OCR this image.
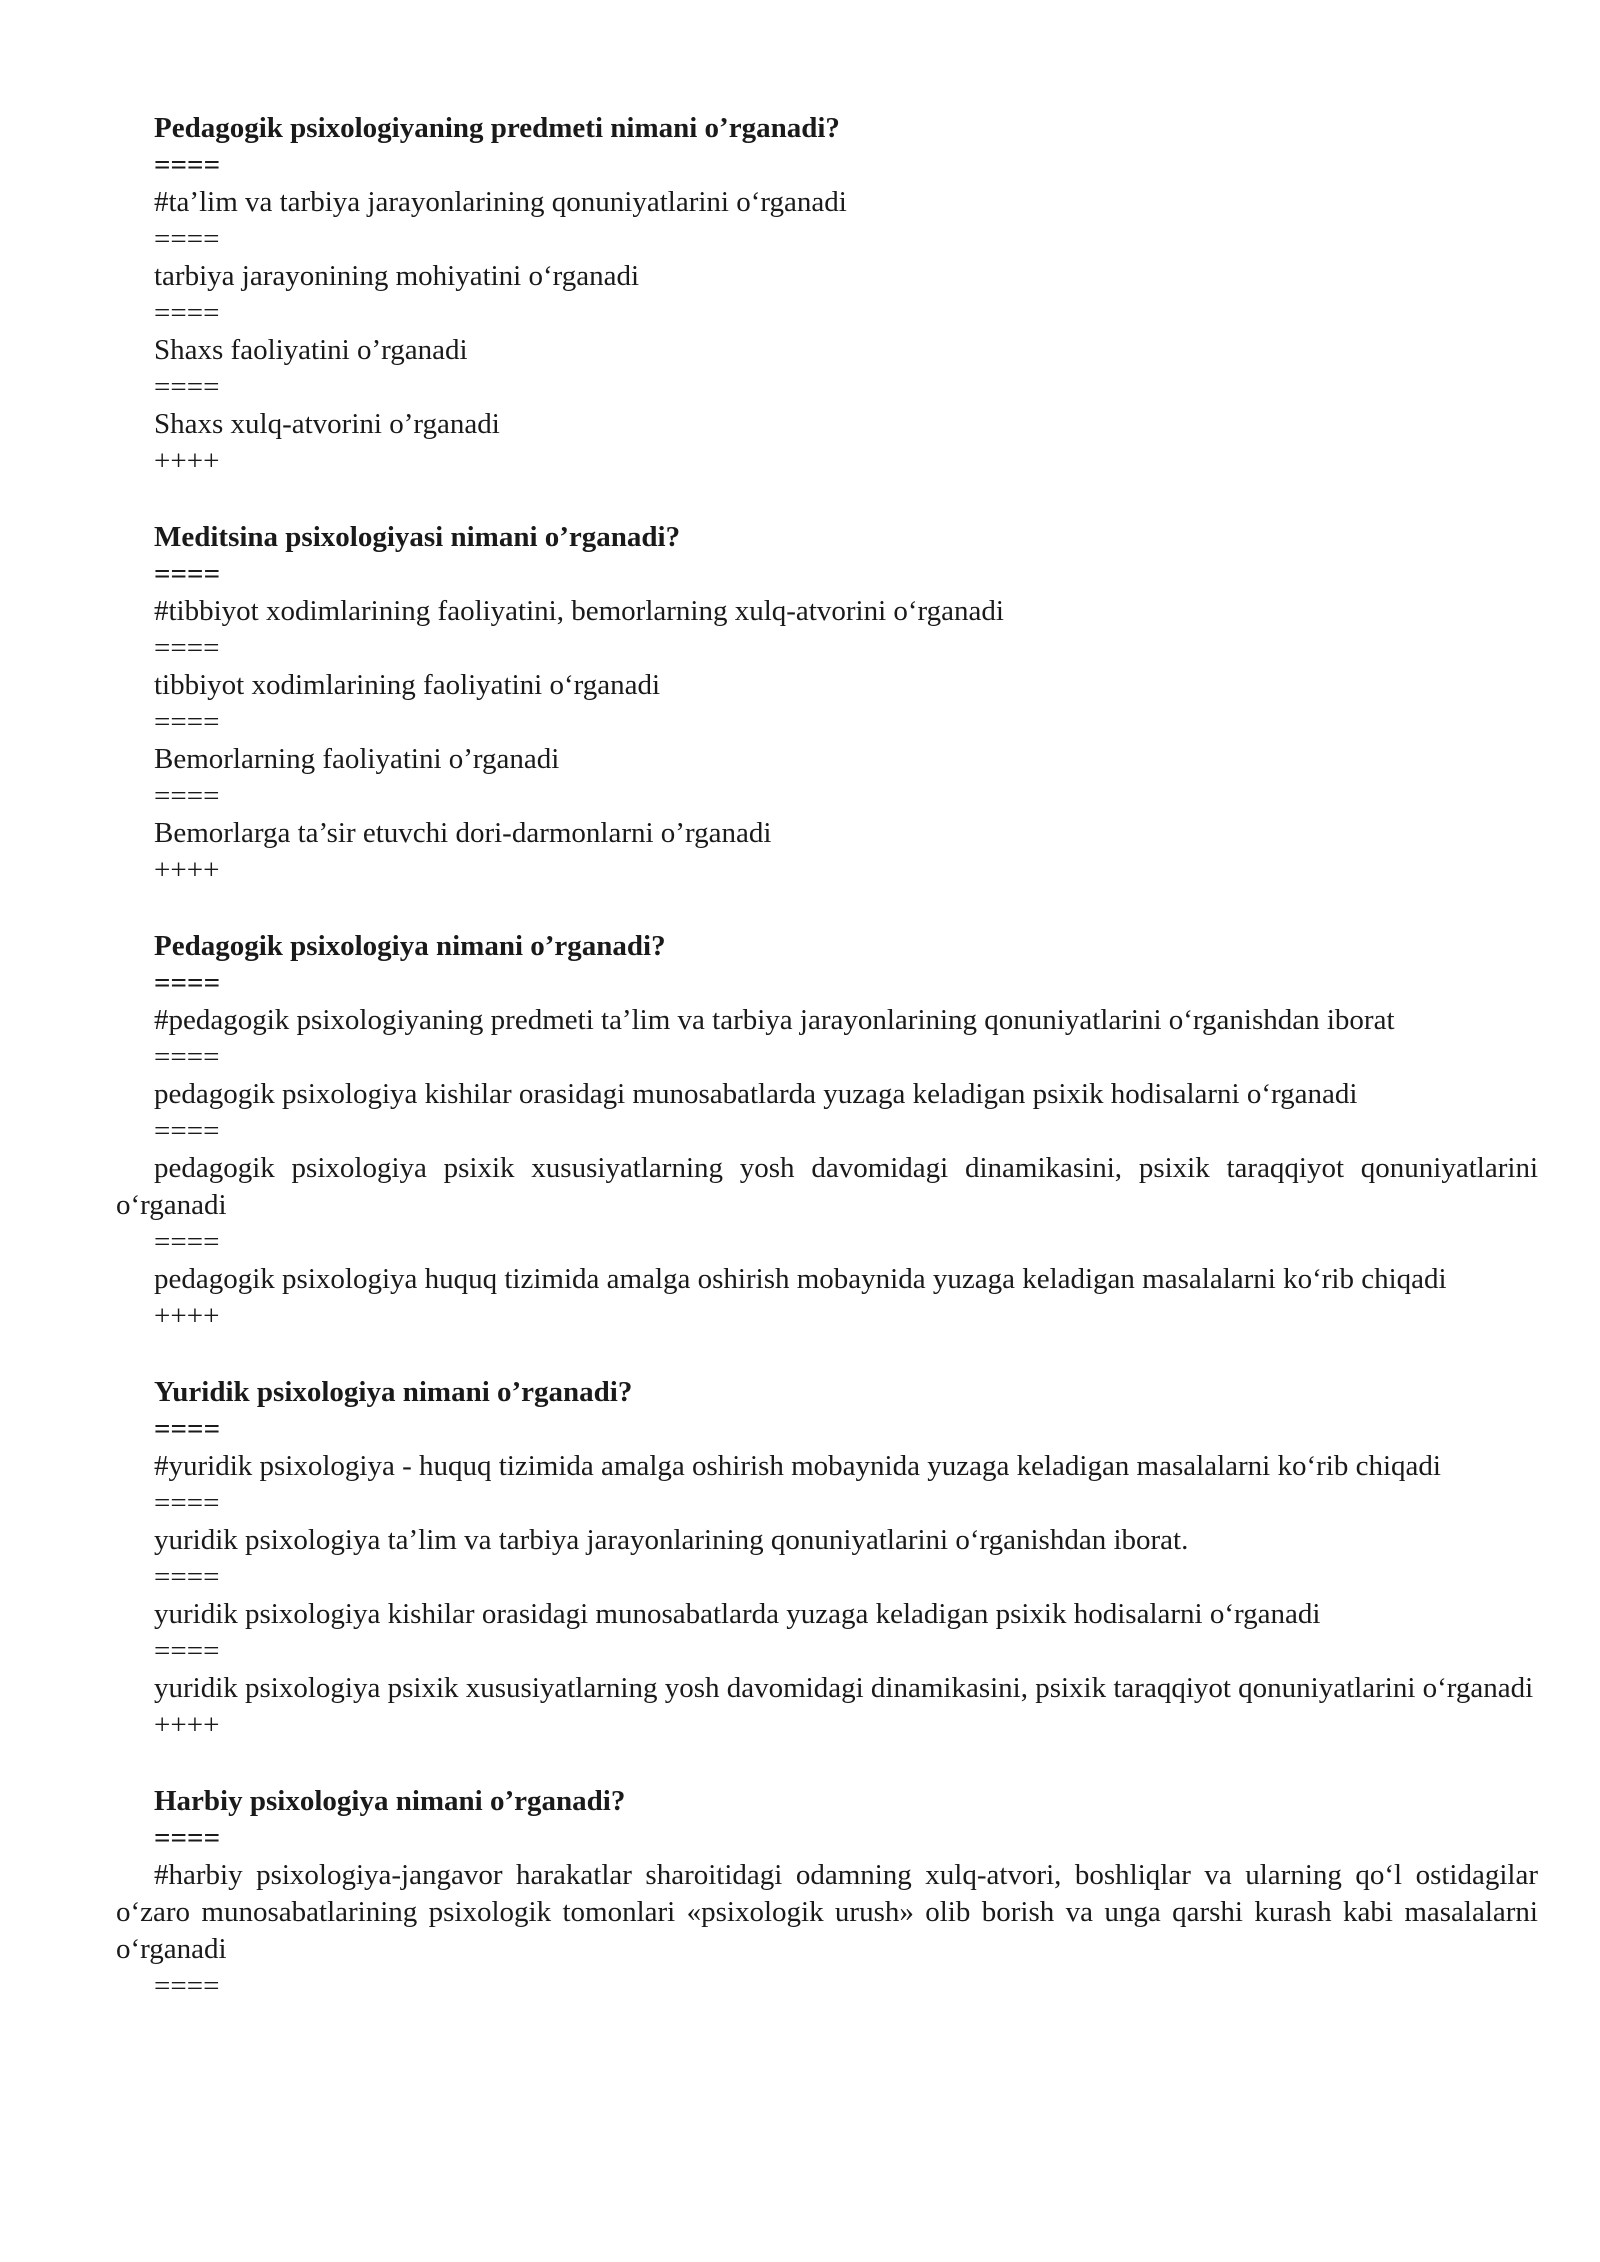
Pedagogik psixologiyaning predmeti nimani o’rganadi?

====

#ta’lim va tarbiya jarayonlarining qonuniyatlarini o‘rganadi

====

tarbiya jarayonining mohiyatini o‘rganadi

====

Shaxs faoliyatini o’rganadi

====

Shaxs xulq-atvorini o’rganadi

++++

Meditsina psixologiyasi nimani o’rganadi?

====

#tibbiyot xodimlarining faoliyatini, bemorlarning xulq-atvorini o‘rganadi

====

tibbiyot xodimlarining faoliyatini o‘rganadi

====

Bemorlarning faoliyatini o’rganadi

====

Bemorlarga ta’sir etuvchi dori-darmonlarni o’rganadi

++++

Pedagogik psixologiya nimani o’rganadi?

====

#pedagogik psixologiyaning predmeti ta’lim va tarbiya jarayonlarining qonuniyatlarini o‘rganishdan iborat

====

pedagogik psixologiya kishilar orasidagi munosabatlarda yuzaga keladigan psixik hodisalarni o‘rganadi

====

pedagogik psixologiya psixik xususiyatlarning yosh davomidagi dinamikasini, psixik taraqqiyot qonuniyatlarini o‘rganadi

====

pedagogik psixologiya huquq tizimida amalga oshirish mobaynida yuzaga keladigan masalalarni ko‘rib chiqadi

++++

Yuridik psixologiya nimani o’rganadi?

====

#yuridik psixologiya - huquq tizimida amalga oshirish mobaynida yuzaga keladigan masalalarni ko‘rib chiqadi

====

yuridik psixologiya ta’lim va tarbiya jarayonlarining qonuniyatlarini o‘rganishdan iborat.

====

yuridik psixologiya kishilar orasidagi munosabatlarda yuzaga keladigan psixik hodisalarni o‘rganadi

====

yuridik psixologiya psixik xususiyatlarning yosh davomidagi dinamikasini, psixik taraqqiyot qonuniyatlarini o‘rganadi

++++

Harbiy psixologiya nimani o’rganadi?

====

#harbiy psixologiya-jangavor harakatlar sharoitidagi odamning xulq-atvori, boshliqlar va ularning qo‘l ostidagilar o‘zaro munosabatlarining psixologik tomonlari «psixologik urush» olib borish va unga qarshi kurash kabi masalalarni o‘rganadi

====
